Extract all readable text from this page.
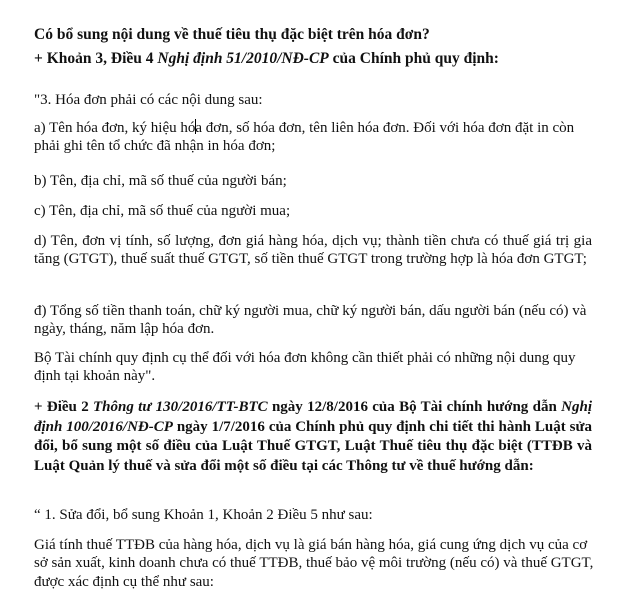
Có bổ sung nội dung về thuế tiêu thụ đặc biệt trên hóa đơn?

+ Khoản 3, Điều 4 Nghị định 51/2010/NĐ-CP của Chính phủ quy định:

"3. Hóa đơn phải có các nội dung sau:

a) Tên hóa đơn, ký hiệu hóa đơn, số hóa đơn, tên liên hóa đơn. Đối với hóa đơn đặt in còn phải ghi tên tổ chức đã nhận in hóa đơn;

b) Tên, địa chỉ, mã số thuế của người bán;

c) Tên, địa chỉ, mã số thuế của người mua;

d) Tên, đơn vị tính, số lượng, đơn giá hàng hóa, dịch vụ; thành tiền chưa có thuế giá trị gia tăng (GTGT), thuế suất thuế GTGT, số tiền thuế GTGT trong trường hợp là hóa đơn GTGT;

đ) Tổng số tiền thanh toán, chữ ký người mua, chữ ký người bán, dấu người bán (nếu có) và ngày, tháng, năm lập hóa đơn.

Bộ Tài chính quy định cụ thể đối với hóa đơn không cần thiết phải có những nội dung quy định tại khoản này".

+ Điều 2 Thông tư 130/2016/TT-BTC ngày 12/8/2016 của Bộ Tài chính hướng dẫn Nghị định 100/2016/NĐ-CP ngày 1/7/2016 của Chính phủ quy định chi tiết thi hành Luật sửa đổi, bổ sung một số điều của Luật Thuế GTGT, Luật Thuế tiêu thụ đặc biệt (TTĐB và Luật Quản lý thuế và sửa đổi một số điều tại các Thông tư về thuế hướng dẫn:

“ 1. Sửa đổi, bổ sung Khoản 1, Khoản 2 Điều 5 như sau:

Giá tính thuế TTĐB của hàng hóa, dịch vụ là giá bán hàng hóa, giá cung ứng dịch vụ của cơ sở sản xuất, kinh doanh chưa có thuế TTĐB, thuế bảo vệ môi trường (nếu có) và thuế GTGT, được xác định cụ thể như sau:
